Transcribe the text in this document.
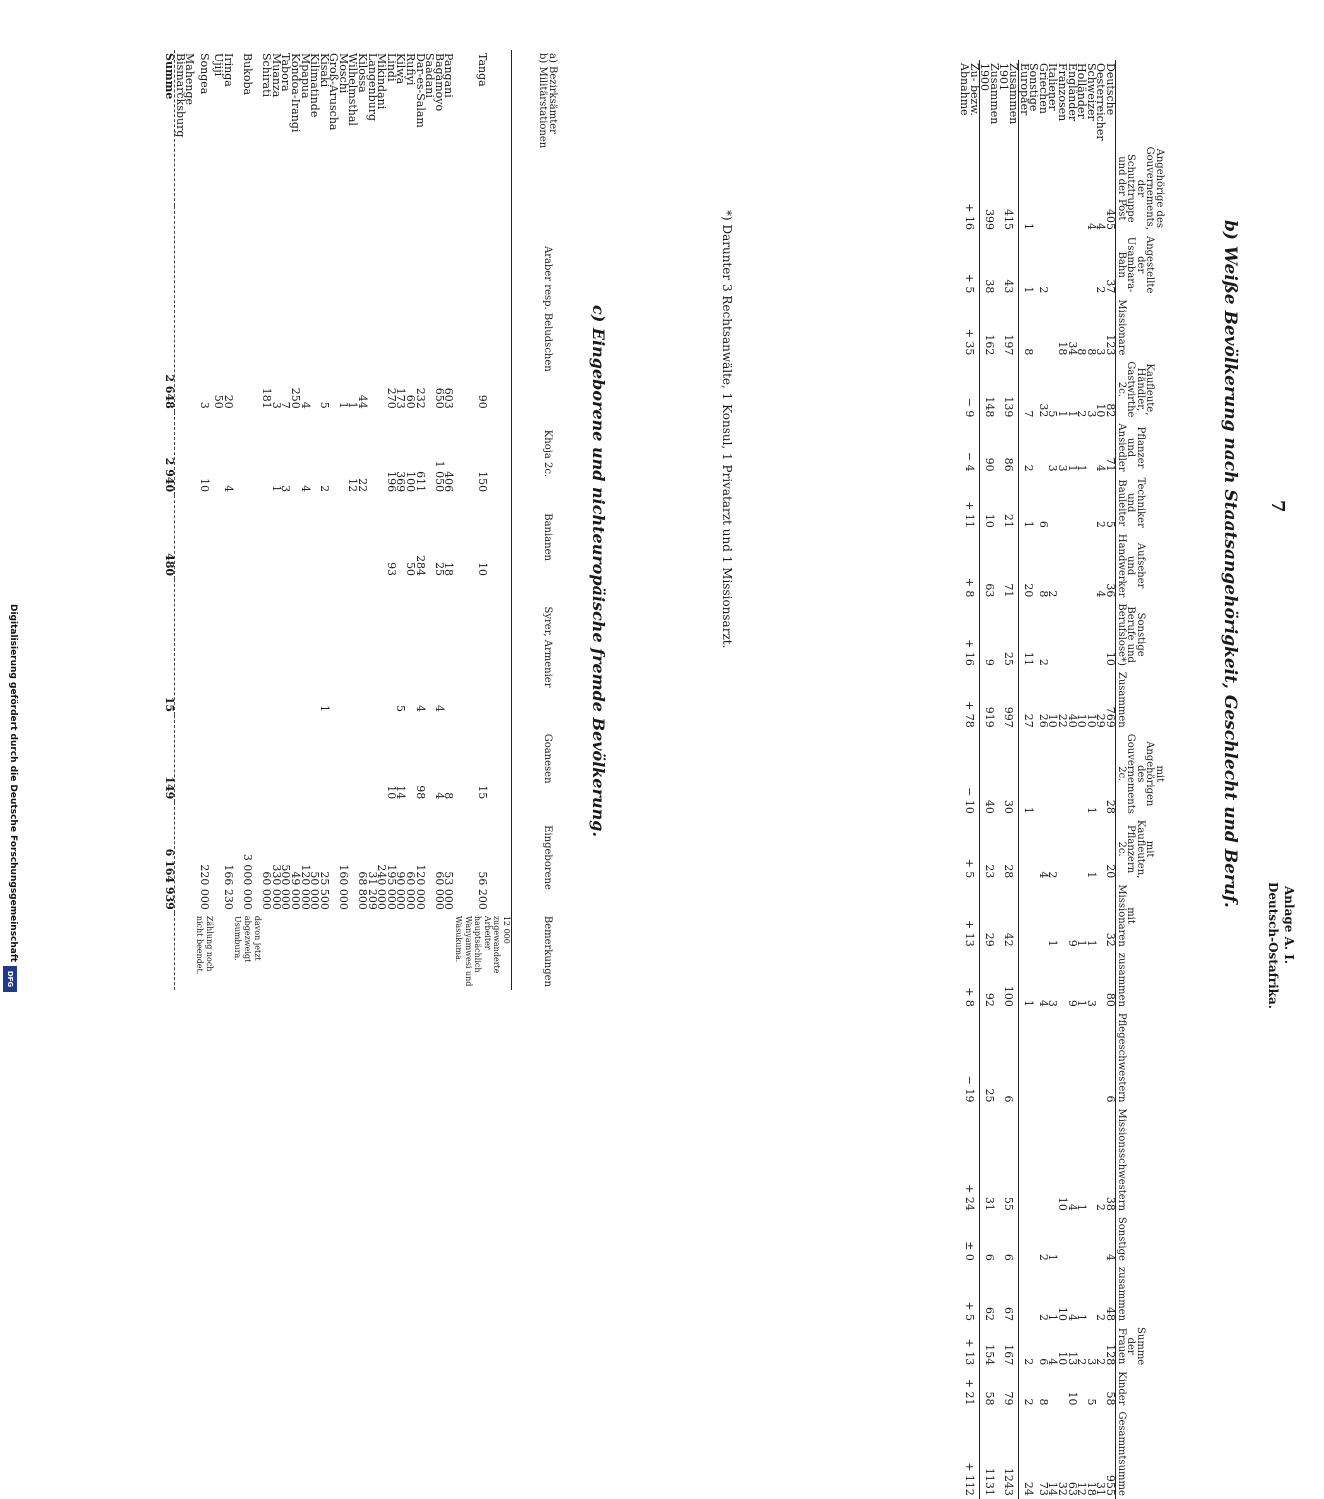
Anlage A. I.
Deutsch-Ostafrika.
7
b) Weiße Bevölkerung nach Staatsangehörigkeit, Geschlecht und Beruf.
	Angehörige des Gouvernements, der Schutztruppe und der Post	Angestellte der Usambara-Bahn	Missionare	Kaufleute, Händler, Gastwirthe 2c.	Pflanzer und Ansiedler	Techniker und Bauleiter	Aufseher und Handwerker	Sonstige Berufe und Berufslose*)	Zusammen	mit Angehörigen des Gouvernements 2c.	mit Kaufleuten, Pflanzern 2c.	mit Missionaren	zusammen	Pflegeschwestern	Missionsschwestern	Sonstige	zusammen	Summe der Frauen	Kinder	Gesammtsumme
Deutsche	405	37	123	82	71	5	36	10	769	28	20	32	80	6	38	4	48	128	58	955
Oesterreicher	4	2	3	10	4	2	4		29						2		2	2		31
Schweizer	4		8	3					10	1	1	1	3					3	5	18
Holländer			8	2	1				10			1	1		1		1	2		12
Engländer			34	1	1				40			9	9		4		4	13	10	63
Franzosen			18	1	3				22						10		10	10		32
Italiener				5	3		2		10		2	1	3			1	1	4		14
Griechen		2		32		6	8	2	26		4		4			2	2	6	8	73
Sonstige Europäer	1	1	8	7	2	1	20	11	27	1			1					2	2	24
Zusammen 1901	415	43	197	139	86	21	71	25	997	30	28	42	100	6	55	6	67	167	79	1243
Zusammen 1900	399	38	162	148	90	10	63	9	919	40	23	29	92	25	31	6	62	154	58	1131
Zu- bezw. Abnahme	+ 16	+ 5	+ 35	− 9	− 4	+ 11	+ 8	+ 16	+ 78	− 10	+ 5	+ 13	+ 8	− 19	+ 24	± 0	+ 5	+ 13	+ 21	+ 112
*) Darunter 3 Rechtsanwälte, 1 Konsul, 1 Privatarzt und 1 Missionsarzt.
c) Eingeborene und nichteuropäische fremde Bevölkerung.
a) Bezirksämter
b) Militärstationen	Araber resp. Beludschen	Khoja 2c.	Banianen	Syrer, Armenier	Goanesen	Eingeborene	Bemerkungen
Tanga	90	150	10		15	56 200	12 000 zugewanderte Arbeiter hauptsächlich Wanyamwesi und Wasukuma.
Pangani	603	406	18		8	53 000	
Bagamoyo	650	1 050	25	4	4	60 000	
Saadani							
Dar-es-Salam	232	611	284	4	98	120 000	
Rufiyi	60	100	50			60 000	
Kilwa	173	369		5	14	90 000	
Lindi	270	196	93		10	195 000	
Mikindani						240 000	
Langenburg						31 209	
Kilossa	44	22				68 800	
Wilhelmsthal	1	12					
Moschi	1					160 000	
Groß-Aruscha							
Kisaki	5	2		1		25 500	
Kilimatinde						50 000	
Mpapua	4	4				120 000	
Kondoa-Irangi	250					49 000	
Tabora	7	3				500 000	
Muanza	3	1				330 000	
Schirati	181					60 000	
Bukoba						3 000 000	davon jetzt abgezweigt Usumbura.
Iringa	20	4				166 230	
Ujiji	50						
Songea	3	10				220 000	Zählung noch nicht beendet.
Mahenge							
Bismarcksburg							
Summe	2 648	2 940	480	15	149	6 164 939	
Digitalisierung gefördert durch die Deutsche Forschungsgemeinschaft
DFG
